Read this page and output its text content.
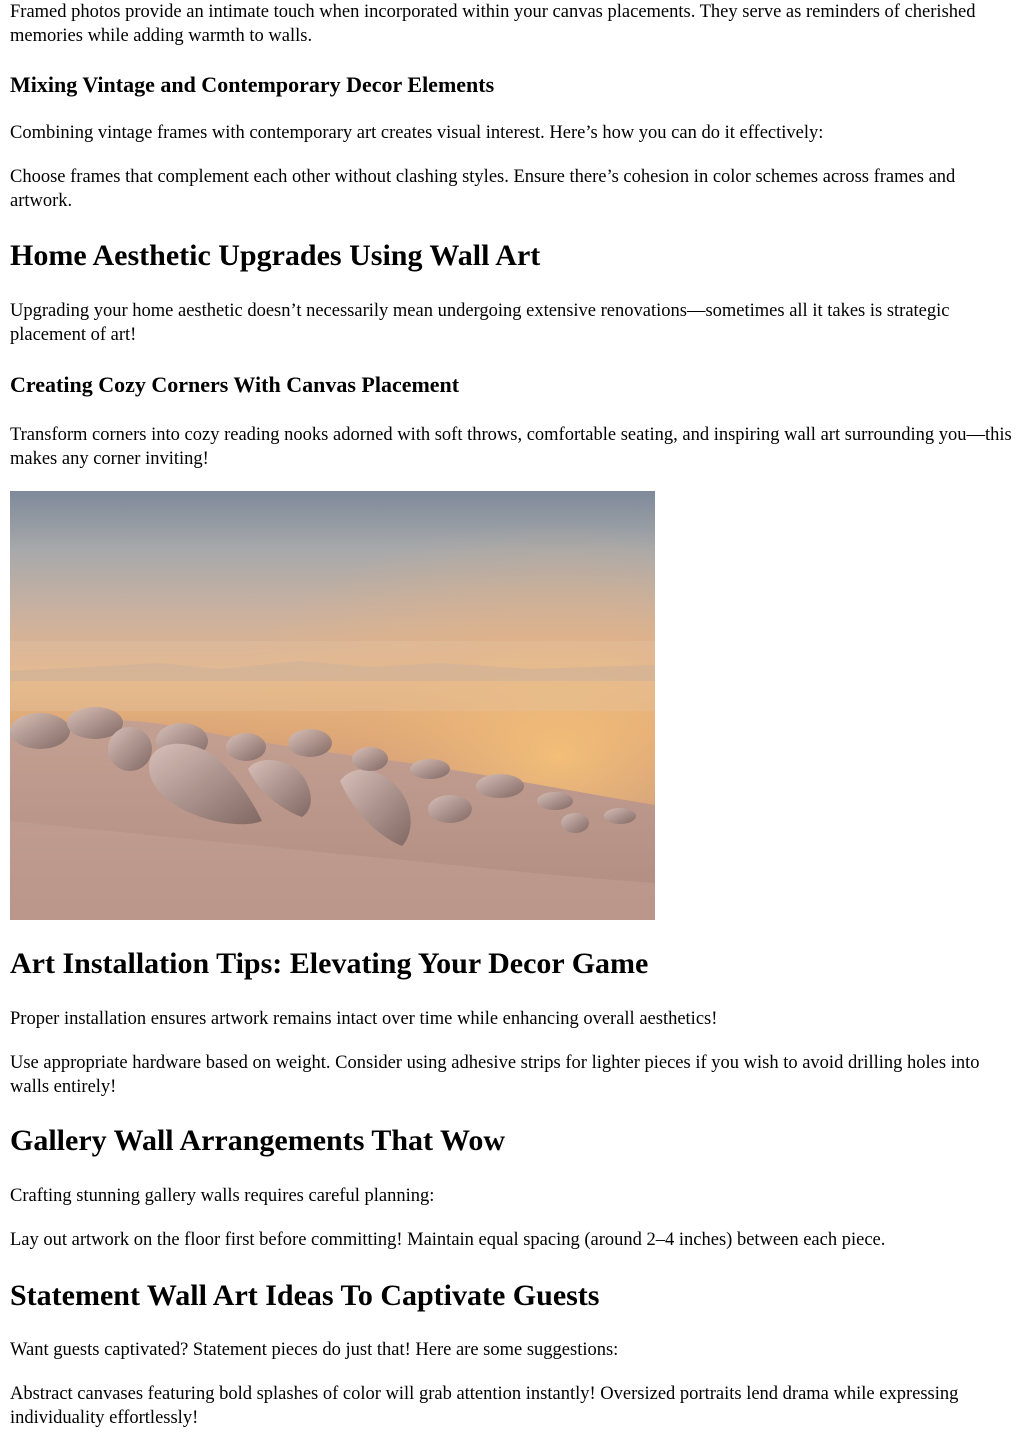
Framed photos provide an intimate touch when incorporated within your canvas placements. They serve as reminders of cherished memories while adding warmth to walls.

Mixing Vintage and Contemporary Decor Elements

Combining vintage frames with contemporary art creates visual interest. Here’s how you can do it effectively:

Choose frames that complement each other without clashing styles. Ensure there’s cohesion in color schemes across frames and artwork.

Home Aesthetic Upgrades Using Wall Art

Upgrading your home aesthetic doesn’t necessarily mean undergoing extensive renovations—sometimes all it takes is strategic placement of art!

Creating Cozy Corners With Canvas Placement

Transform corners into cozy reading nooks adorned with soft throws, comfortable seating, and inspiring wall art surrounding you—this makes any corner inviting!

Art Installation Tips: Elevating Your Decor Game

Proper installation ensures artwork remains intact over time while enhancing overall aesthetics!

Use appropriate hardware based on weight. Consider using adhesive strips for lighter pieces if you wish to avoid drilling holes into walls entirely!

Gallery Wall Arrangements That Wow

Crafting stunning gallery walls requires careful planning:

Lay out artwork on the floor first before committing! Maintain equal spacing (around 2–4 inches) between each piece.

Statement Wall Art Ideas To Captivate Guests

Want guests captivated? Statement pieces do just that! Here are some suggestions:

Abstract canvases featuring bold splashes of color will grab attention instantly! Oversized portraits lend drama while expressing individuality effortlessly!
